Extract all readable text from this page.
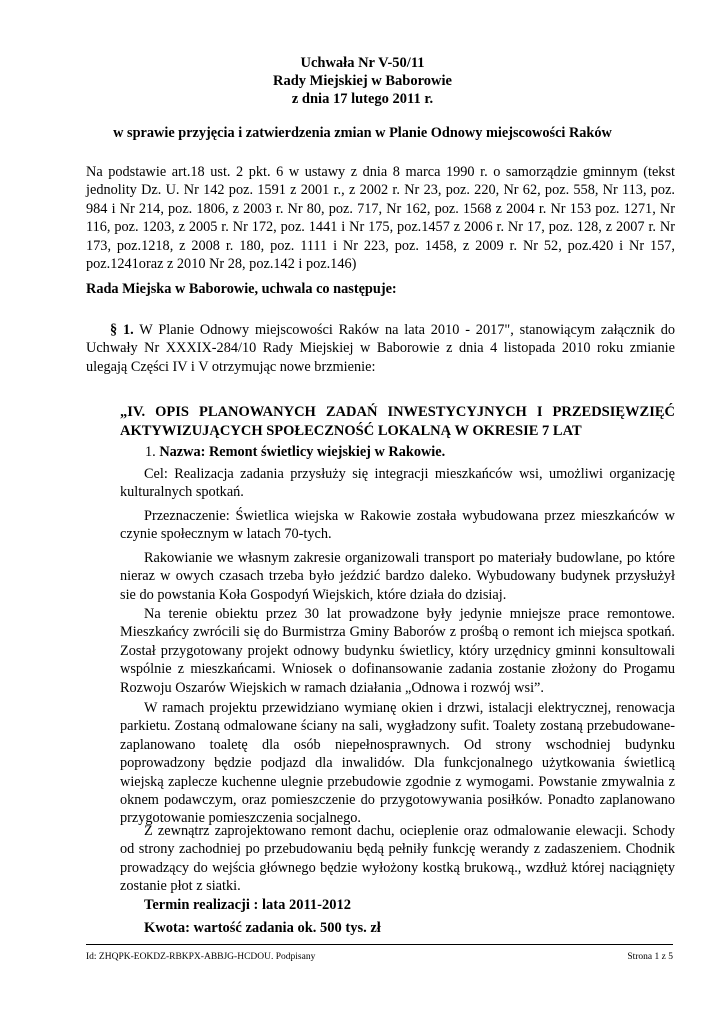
Uchwała Nr V-50/11
Rady Miejskiej w Baborowie
z dnia 17 lutego 2011 r.
w sprawie przyjęcia i zatwierdzenia zmian w Planie Odnowy miejscowości Raków
Na podstawie art.18 ust. 2 pkt. 6 w ustawy z dnia 8 marca 1990 r. o samorządzie gminnym (tekst jednolity Dz. U. Nr 142 poz. 1591 z 2001 r., z 2002 r. Nr 23, poz. 220, Nr 62, poz. 558, Nr 113, poz. 984 i Nr 214, poz. 1806, z 2003 r. Nr 80, poz. 717, Nr 162, poz. 1568 z 2004 r. Nr 153 poz. 1271, Nr 116, poz. 1203, z 2005 r. Nr 172, poz. 1441 i Nr 175, poz.1457 z 2006 r. Nr 17, poz. 128, z 2007 r. Nr 173, poz.1218, z 2008 r. 180, poz. 1111 i Nr 223, poz. 1458, z 2009 r. Nr 52, poz.420 i Nr 157, poz.1241oraz z 2010 Nr 28, poz.142 i poz.146)
Rada Miejska w Baborowie, uchwala co następuje:
§ 1. W Planie Odnowy miejscowości Raków na lata 2010 - 2017", stanowiącym załącznik do Uchwały Nr XXXIX-284/10 Rady Miejskiej w Baborowie z dnia 4 listopada 2010 roku zmianie ulegają Części IV i V otrzymując nowe brzmienie:
„IV. OPIS PLANOWANYCH ZADAŃ INWESTYCYJNYCH I PRZEDSIĘWZIĘĆ AKTYWIZUJĄCYCH SPOŁECZNOŚĆ LOKALNĄ W OKRESIE 7 LAT
1. Nazwa: Remont świetlicy wiejskiej w Rakowie.
Cel: Realizacja zadania przysłuży się integracji mieszkańców wsi, umożliwi organizację kulturalnych spotkań.
Przeznaczenie: Świetlica wiejska w Rakowie została wybudowana przez mieszkańców w czynie społecznym w latach 70-tych.
Rakowianie we własnym zakresie organizowali transport po materiały budowlane, po które nieraz w owych czasach trzeba było jeździć bardzo daleko. Wybudowany budynek przysłużył sie do powstania Koła Gospodyń Wiejskich, które działa do dzisiaj.
Na terenie obiektu przez 30 lat prowadzone były jedynie mniejsze prace remontowe. Mieszkańcy zwrócili się do Burmistrza Gminy Baborów z prośbą o remont ich miejsca spotkań. Został przygotowany projekt odnowy budynku świetlicy, który urzędnicy gminni konsultowali wspólnie z mieszkańcami. Wniosek o dofinansowanie zadania zostanie złożony do Progamu Rozwoju Oszarów Wiejskich w ramach działania „Odnowa i rozwój wsi”.
W ramach projektu przewidziano wymianę okien i drzwi, istalacji elektrycznej, renowacja parkietu. Zostaną odmalowane ściany na sali, wygładzony sufit. Toalety zostaną przebudowane- zaplanowano toaletę dla osób niepełnosprawnych. Od strony wschodniej budynku poprowadzony będzie podjazd dla inwalidów. Dla funkcjonalnego użytkowania świetlicą wiejską zaplecze kuchenne ulegnie przebudowie zgodnie z wymogami. Powstanie zmywalnia z oknem podawczym, oraz pomieszczenie do przygotowywania posiłków. Ponadto zaplanowano przygotowanie pomieszczenia socjalnego.
Z zewnątrz zaprojektowano remont dachu, ocieplenie oraz odmalowanie elewacji. Schody od strony zachodniej po przebudowaniu będą pełniły funkcję werandy z zadaszeniem. Chodnik prowadzący do wejścia głównego będzie wyłożony kostką brukową., wzdłuż której naciągnięty zostanie płot z siatki.
Termin realizacji : lata 2011-2012
Kwota: wartość zadania ok. 500 tys. zł
Id: ZHQPK-EOKDZ-RBKPX-ABBJG-HCDOU. Podpisany	Strona 1 z 5
